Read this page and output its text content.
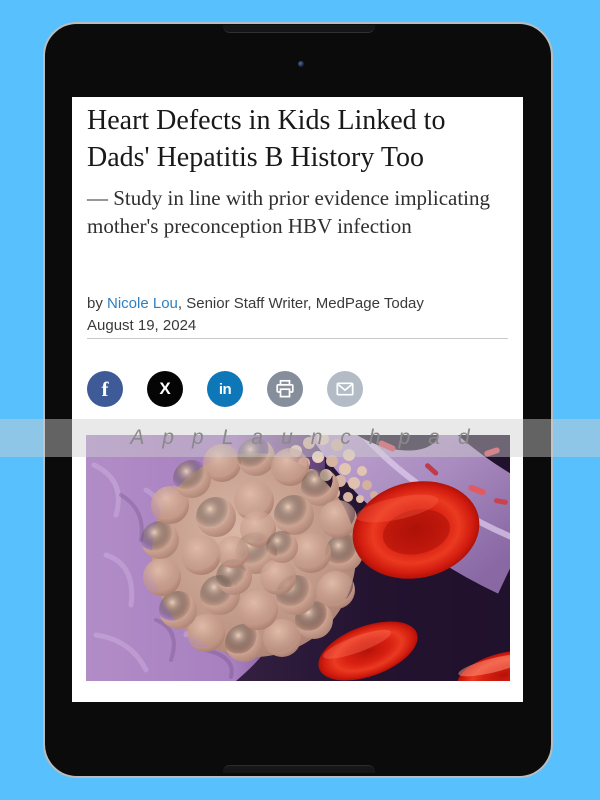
Heart Defects in Kids Linked to Dads' Hepatitis B History Too
— Study in line with prior evidence implicating mother's preconception HBV infection
by Nicole Lou, Senior Staff Writer, MedPage Today
August 19, 2024
f	X	in
AppLaunchpad
